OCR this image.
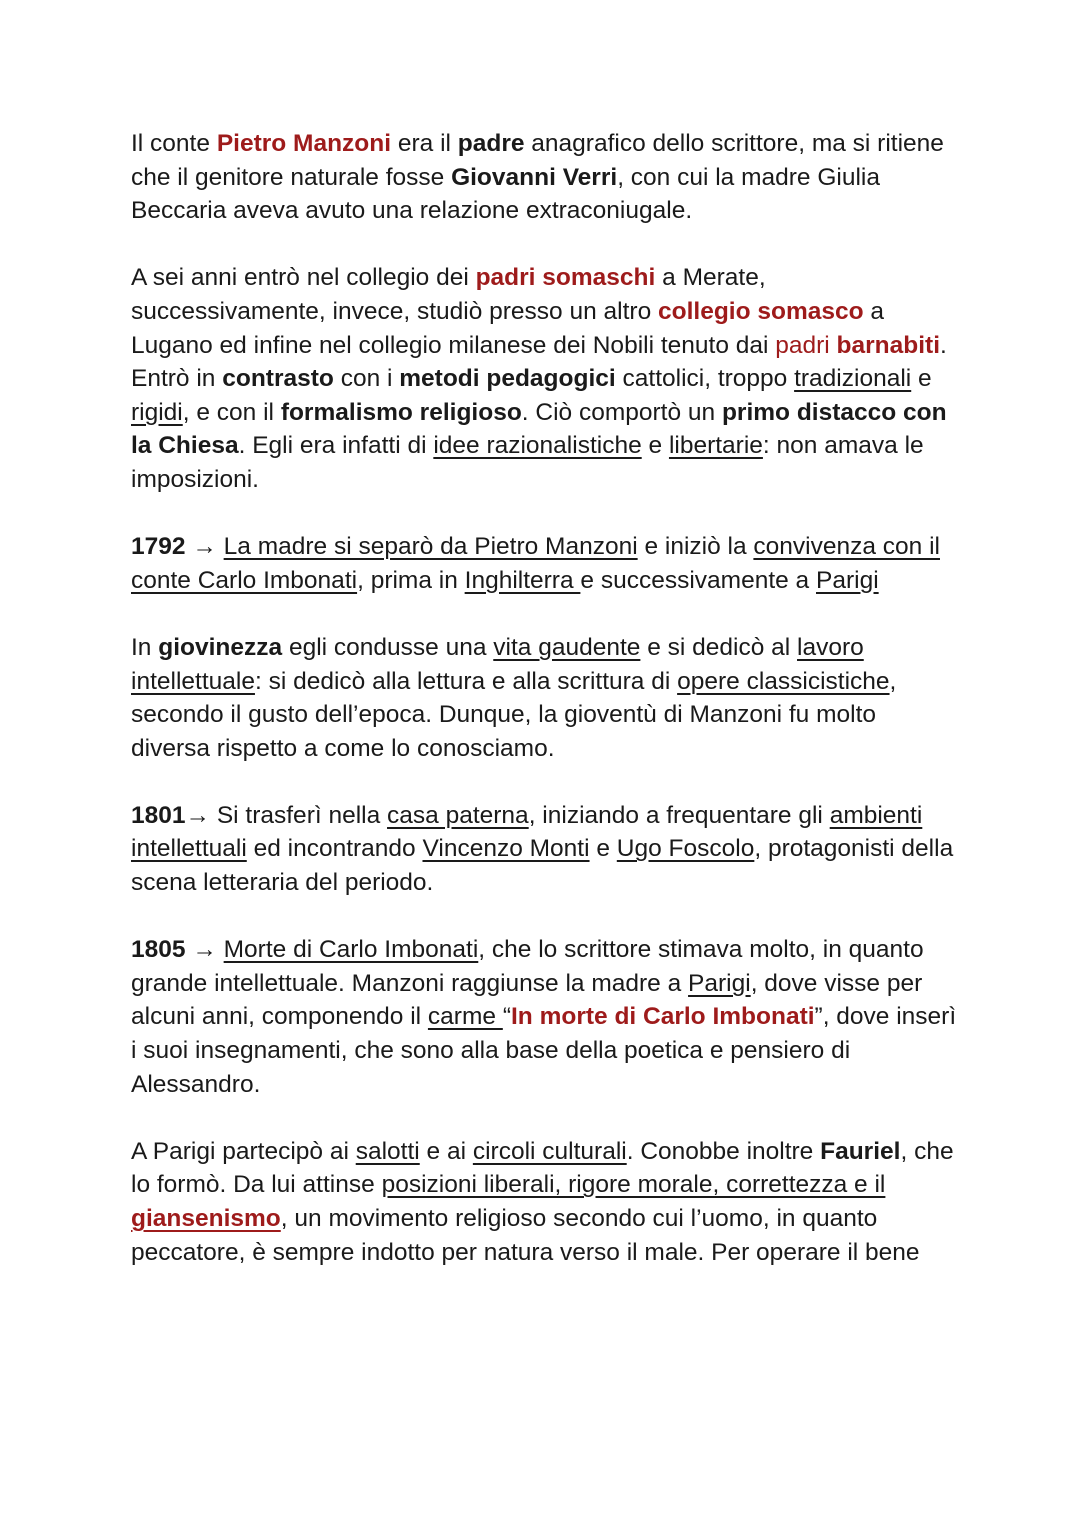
Il conte Pietro Manzoni era il padre anagrafico dello scrittore, ma si ritiene che il genitore naturale fosse Giovanni Verri, con cui la madre Giulia Beccaria aveva avuto una relazione extraconiugale.

A sei anni entrò nel collegio dei padri somaschi a Merate, successivamente, invece, studiò presso un altro collegio somasco a Lugano ed infine nel collegio milanese dei Nobili tenuto dai padri barnabiti.

Entrò in contrasto con i metodi pedagogici cattolici, troppo tradizionali e rigidi, e con il formalismo religioso. Ciò comportò un primo distacco con la Chiesa. Egli era infatti di idee razionalistiche e libertarie: non amava le imposizioni.

1792 → La madre si separò da Pietro Manzoni e iniziò la convivenza con il conte Carlo Imbonati, prima in Inghilterra e successivamente a Parigi

In giovinezza egli condusse una vita gaudente e si dedicò al lavoro intellettuale: si dedicò alla lettura e alla scrittura di opere classicistiche, secondo il gusto dell’epoca. Dunque, la gioventù di Manzoni fu molto diversa rispetto a come lo conosciamo.

1801→ Si trasferì nella casa paterna, iniziando a frequentare gli ambienti intellettuali ed incontrando Vincenzo Monti e Ugo Foscolo, protagonisti della scena letteraria del periodo.

1805 → Morte di Carlo Imbonati, che lo scrittore stimava molto, in quanto grande intellettuale. Manzoni raggiunse la madre a Parigi, dove visse per alcuni anni, componendo il carme “In morte di Carlo Imbonati”, dove inserì i suoi insegnamenti, che sono alla base della poetica e pensiero di Alessandro.

A Parigi partecipò ai salotti e ai circoli culturali. Conobbe inoltre Fauriel, che lo formò. Da lui attinse posizioni liberali, rigore morale, correttezza e il giansenismo, un movimento religioso secondo cui l’uomo, in quanto peccatore, è sempre indotto per natura verso il male. Per operare il bene
